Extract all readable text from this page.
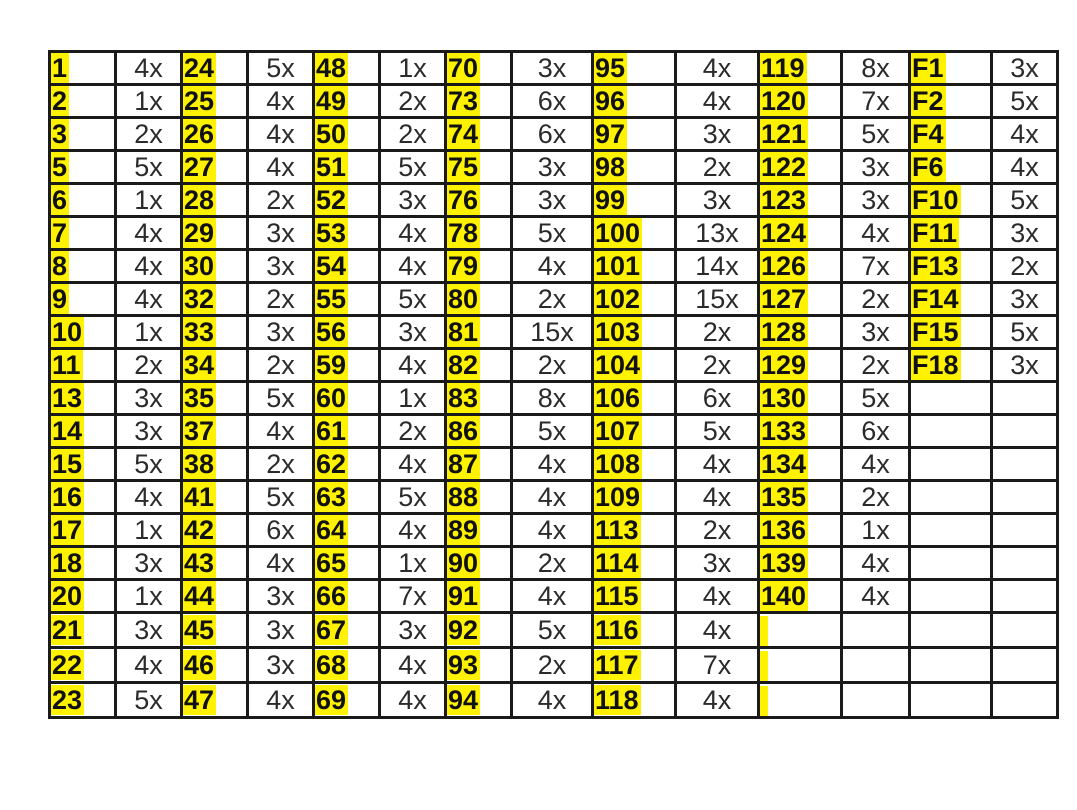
1	4x	24	5x	48	1x	70	3x	95	4x	119	8x	F1	3x
2	1x	25	4x	49	2x	73	6x	96	4x	120	7x	F2	5x
3	2x	26	4x	50	2x	74	6x	97	3x	121	5x	F4	4x
5	5x	27	4x	51	5x	75	3x	98	2x	122	3x	F6	4x
6	1x	28	2x	52	3x	76	3x	99	3x	123	3x	F10	5x
7	4x	29	3x	53	4x	78	5x	100	13x	124	4x	F11	3x
8	4x	30	3x	54	4x	79	4x	101	14x	126	7x	F13	2x
9	4x	32	2x	55	5x	80	2x	102	15x	127	2x	F14	3x
10	1x	33	3x	56	3x	81	15x	103	2x	128	3x	F15	5x
11	2x	34	2x	59	4x	82	2x	104	2x	129	2x	F18	3x
13	3x	35	5x	60	1x	83	8x	106	6x	130	5x		
14	3x	37	4x	61	2x	86	5x	107	5x	133	6x		
15	5x	38	2x	62	4x	87	4x	108	4x	134	4x		
16	4x	41	5x	63	5x	88	4x	109	4x	135	2x		
17	1x	42	6x	64	4x	89	4x	113	2x	136	1x		
18	3x	43	4x	65	1x	90	2x	114	3x	139	4x		
20	1x	44	3x	66	7x	91	4x	115	4x	140	4x		
21	3x	45	3x	67	3x	92	5x	116	4x				
22	4x	46	3x	68	4x	93	2x	117	7x				
23	5x	47	4x	69	4x	94	4x	118	4x				
